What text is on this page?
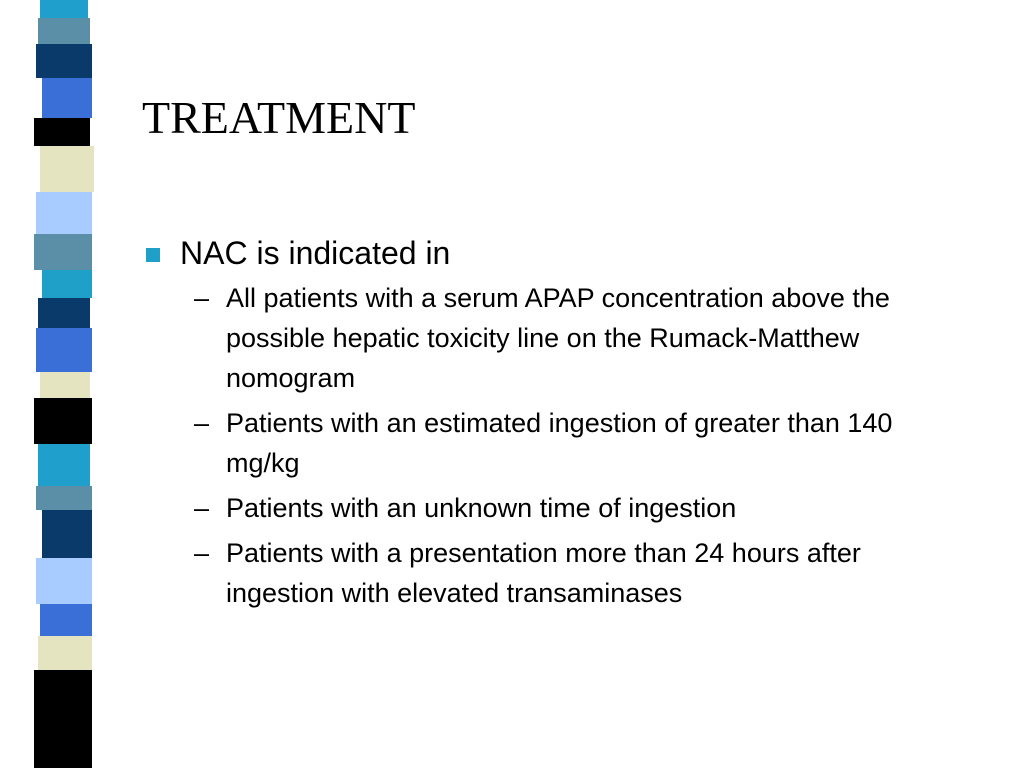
TREATMENT
NAC is indicated in
– All patients with a serum APAP concentration above the possible hepatic toxicity line on the Rumack-Matthew nomogram
– Patients with an estimated ingestion of greater than 140 mg/kg
– Patients with an unknown time of ingestion
– Patients with a presentation more than 24 hours after ingestion with elevated transaminases
